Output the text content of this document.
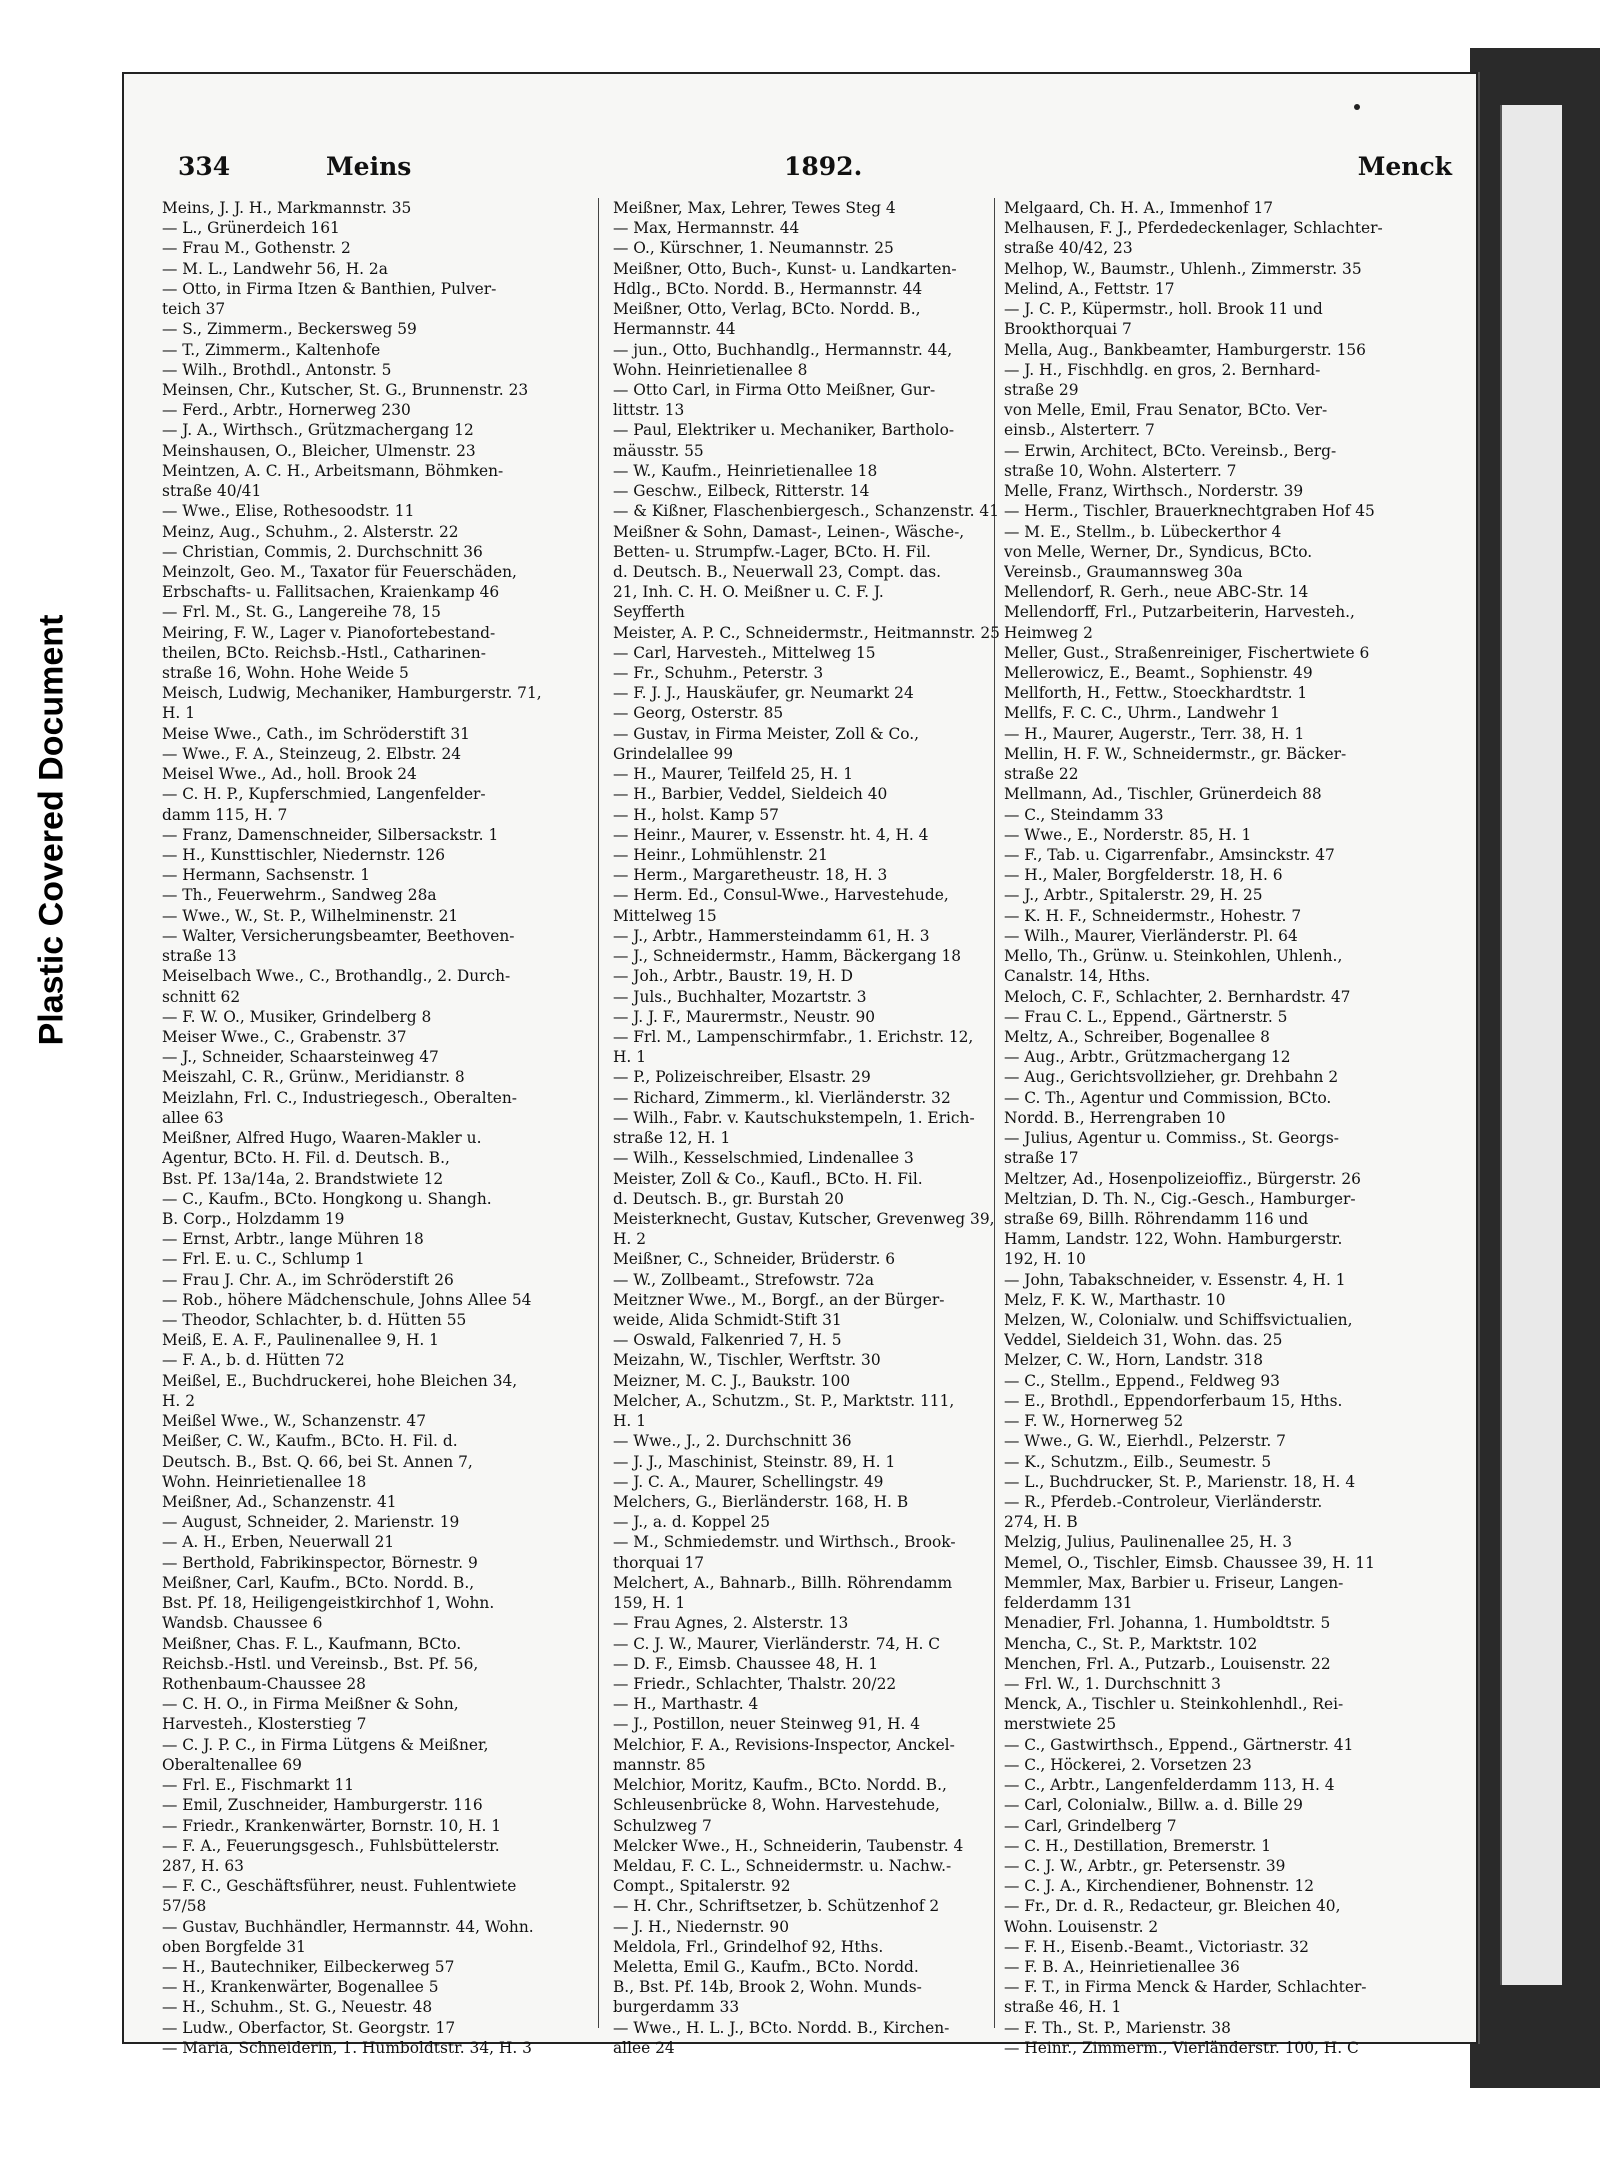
Plastic Covered Document
334	Meins	1892.	Menck
Meins, J. J. H., Markmannstr. 35
— L., Grünerdeich 161
— Frau M., Gothenstr. 2
— M. L., Landwehr 56, H. 2a
— Otto, in Firma Itzen & Banthien, Pulver-
teich 37
— S., Zimmerm., Beckersweg 59
— T., Zimmerm., Kaltenhofe
— Wilh., Brothdl., Antonstr. 5
Meinsen, Chr., Kutscher, St. G., Brunnenstr. 23
— Ferd., Arbtr., Hornerweg 230
— J. A., Wirthsch., Grützmachergang 12
Meinshausen, O., Bleicher, Ulmenstr. 23
Meintzen, A. C. H., Arbeitsmann, Böhmken-
straße 40/41
— Wwe., Elise, Rothesoodstr. 11
Meinz, Aug., Schuhm., 2. Alsterstr. 22
— Christian, Commis, 2. Durchschnitt 36
Meinzolt, Geo. M., Taxator für Feuerschäden,
Erbschafts- u. Fallitsachen, Kraienkamp 46
— Frl. M., St. G., Langereihe 78, 15
Meiring, F. W., Lager v. Pianofortebestand-
theilen, BCto. Reichsb.-Hstl., Catharinen-
straße 16, Wohn. Hohe Weide 5
Meisch, Ludwig, Mechaniker, Hamburgerstr. 71,
H. 1
Meise Wwe., Cath., im Schröderstift 31
— Wwe., F. A., Steinzeug, 2. Elbstr. 24
Meisel Wwe., Ad., holl. Brook 24
— C. H. P., Kupferschmied, Langenfelder-
damm 115, H. 7
— Franz, Damenschneider, Silbersackstr. 1
— H., Kunsttischler, Niedernstr. 126
— Hermann, Sachsenstr. 1
— Th., Feuerwehrm., Sandweg 28a
— Wwe., W., St. P., Wilhelminenstr. 21
— Walter, Versicherungsbeamter, Beethoven-
straße 13
Meiselbach Wwe., C., Brothandlg., 2. Durch-
schnitt 62
— F. W. O., Musiker, Grindelberg 8
Meiser Wwe., C., Grabenstr. 37
— J., Schneider, Schaarsteinweg 47
Meiszahl, C. R., Grünw., Meridianstr. 8
Meizlahn, Frl. C., Industriegesch., Oberalten-
allee 63
Meißner, Alfred Hugo, Waaren-Makler u.
Agentur, BCto. H. Fil. d. Deutsch. B.,
Bst. Pf. 13a/14a, 2. Brandstwiete 12
— C., Kaufm., BCto. Hongkong u. Shangh.
B. Corp., Holzdamm 19
— Ernst, Arbtr., lange Mühren 18
— Frl. E. u. C., Schlump 1
— Frau J. Chr. A., im Schröderstift 26
— Rob., höhere Mädchenschule, Johns Allee 54
— Theodor, Schlachter, b. d. Hütten 55
Meiß, E. A. F., Paulinenallee 9, H. 1
— F. A., b. d. Hütten 72
Meißel, E., Buchdruckerei, hohe Bleichen 34,
H. 2
Meißel Wwe., W., Schanzenstr. 47
Meißer, C. W., Kaufm., BCto. H. Fil. d.
Deutsch. B., Bst. Q. 66, bei St. Annen 7,
Wohn. Heinrietienallee 18
Meißner, Ad., Schanzenstr. 41
— August, Schneider, 2. Marienstr. 19
— A. H., Erben, Neuerwall 21
— Berthold, Fabrikinspector, Börnestr. 9
Meißner, Carl, Kaufm., BCto. Nordd. B.,
Bst. Pf. 18, Heiligengeistkirchhof 1, Wohn.
Wandsb. Chaussee 6
Meißner, Chas. F. L., Kaufmann, BCto.
Reichsb.-Hstl. und Vereinsb., Bst. Pf. 56,
Rothenbaum-Chaussee 28
— C. H. O., in Firma Meißner & Sohn,
Harvesteh., Klosterstieg 7
— C. J. P. C., in Firma Lütgens & Meißner,
Oberaltenallee 69
— Frl. E., Fischmarkt 11
— Emil, Zuschneider, Hamburgerstr. 116
— Friedr., Krankenwärter, Bornstr. 10, H. 1
— F. A., Feuerungsgesch., Fuhlsbüttelerstr.
287, H. 63
— F. C., Geschäftsführer, neust. Fuhlentwiete
57/58
— Gustav, Buchhändler, Hermannstr. 44, Wohn.
oben Borgfelde 31
— H., Bautechniker, Eilbeckerweg 57
— H., Krankenwärter, Bogenallee 5
— H., Schuhm., St. G., Neuestr. 48
— Ludw., Oberfactor, St. Georgstr. 17
— Maria, Schneiderin, 1. Humboldtstr. 34, H. 3
Meißner, Max, Lehrer, Tewes Steg 4
— Max, Hermannstr. 44
— O., Kürschner, 1. Neumannstr. 25
Meißner, Otto, Buch-, Kunst- u. Landkarten-
Hdlg., BCto. Nordd. B., Hermannstr. 44
Meißner, Otto, Verlag, BCto. Nordd. B.,
Hermannstr. 44
— jun., Otto, Buchhandlg., Hermannstr. 44,
Wohn. Heinrietienallee 8
— Otto Carl, in Firma Otto Meißner, Gur-
littstr. 13
— Paul, Elektriker u. Mechaniker, Bartholo-
mäusstr. 55
— W., Kaufm., Heinrietienallee 18
— Geschw., Eilbeck, Ritterstr. 14
— & Kißner, Flaschenbiergesch., Schanzenstr. 41
Meißner & Sohn, Damast-, Leinen-, Wäsche-,
Betten- u. Strumpfw.-Lager, BCto. H. Fil.
d. Deutsch. B., Neuerwall 23, Compt. das.
21, Inh. C. H. O. Meißner u. C. F. J.
Seyfferth
Meister, A. P. C., Schneidermstr., Heitmannstr. 25
— Carl, Harvesteh., Mittelweg 15
— Fr., Schuhm., Peterstr. 3
— F. J. J., Hauskäufer, gr. Neumarkt 24
— Georg, Osterstr. 85
— Gustav, in Firma Meister, Zoll & Co.,
Grindelallee 99
— H., Maurer, Teilfeld 25, H. 1
— H., Barbier, Veddel, Sieldeich 40
— H., holst. Kamp 57
— Heinr., Maurer, v. Essenstr. ht. 4, H. 4
— Heinr., Lohmühlenstr. 21
— Herm., Margaretheustr. 18, H. 3
— Herm. Ed., Consul-Wwe., Harvestehude,
Mittelweg 15
— J., Arbtr., Hammersteindamm 61, H. 3
— J., Schneidermstr., Hamm, Bäckergang 18
— Joh., Arbtr., Baustr. 19, H. D
— Juls., Buchhalter, Mozartstr. 3
— J. J. F., Maurermstr., Neustr. 90
— Frl. M., Lampenschirmfabr., 1. Erichstr. 12,
H. 1
— P., Polizeischreiber, Elsastr. 29
— Richard, Zimmerm., kl. Vierländerstr. 32
— Wilh., Fabr. v. Kautschukstempeln, 1. Erich-
straße 12, H. 1
— Wilh., Kesselschmied, Lindenallee 3
Meister, Zoll & Co., Kaufl., BCto. H. Fil.
d. Deutsch. B., gr. Burstah 20
Meisterknecht, Gustav, Kutscher, Grevenweg 39,
H. 2
Meißner, C., Schneider, Brüderstr. 6
— W., Zollbeamt., Strefowstr. 72a
Meitzner Wwe., M., Borgf., an der Bürger-
weide, Alida Schmidt-Stift 31
— Oswald, Falkenried 7, H. 5
Meizahn, W., Tischler, Werftstr. 30
Meizner, M. C. J., Baukstr. 100
Melcher, A., Schutzm., St. P., Marktstr. 111,
H. 1
— Wwe., J., 2. Durchschnitt 36
— J. J., Maschinist, Steinstr. 89, H. 1
— J. C. A., Maurer, Schellingstr. 49
Melchers, G., Bierländerstr. 168, H. B
— J., a. d. Koppel 25
— M., Schmiedemstr. und Wirthsch., Brook-
thorquai 17
Melchert, A., Bahnarb., Billh. Röhrendamm
159, H. 1
— Frau Agnes, 2. Alsterstr. 13
— C. J. W., Maurer, Vierländerstr. 74, H. C
— D. F., Eimsb. Chaussee 48, H. 1
— Friedr., Schlachter, Thalstr. 20/22
— H., Marthastr. 4
— J., Postillon, neuer Steinweg 91, H. 4
Melchior, F. A., Revisions-Inspector, Anckel-
mannstr. 85
Melchior, Moritz, Kaufm., BCto. Nordd. B.,
Schleusenbrücke 8, Wohn. Harvestehude,
Schulzweg 7
Melcker Wwe., H., Schneiderin, Taubenstr. 4
Meldau, F. C. L., Schneidermstr. u. Nachw.-
Compt., Spitalerstr. 92
— H. Chr., Schriftsetzer, b. Schützenhof 2
— J. H., Niedernstr. 90
Meldola, Frl., Grindelhof 92, Hths.
Meletta, Emil G., Kaufm., BCto. Nordd.
B., Bst. Pf. 14b, Brook 2, Wohn. Munds-
burgerdamm 33
— Wwe., H. L. J., BCto. Nordd. B., Kirchen-
allee 24
Melgaard, Ch. H. A., Immenhof 17
Melhausen, F. J., Pferdedeckenlager, Schlachter-
straße 40/42, 23
Melhop, W., Baumstr., Uhlenh., Zimmerstr. 35
Melind, A., Fettstr. 17
— J. C. P., Küpermstr., holl. Brook 11 und
Brookthorquai 7
Mella, Aug., Bankbeamter, Hamburgerstr. 156
— J. H., Fischhdlg. en gros, 2. Bernhard-
straße 29
von Melle, Emil, Frau Senator, BCto. Ver-
einsb., Alsterterr. 7
— Erwin, Architect, BCto. Vereinsb., Berg-
straße 10, Wohn. Alsterterr. 7
Melle, Franz, Wirthsch., Norderstr. 39
— Herm., Tischler, Brauerknechtgraben Hof 45
— M. E., Stellm., b. Lübeckerthor 4
von Melle, Werner, Dr., Syndicus, BCto.
Vereinsb., Graumannsweg 30a
Mellendorf, R. Gerh., neue ABC-Str. 14
Mellendorff, Frl., Putzarbeiterin, Harvesteh.,
Heimweg 2
Meller, Gust., Straßenreiniger, Fischertwiete 6
Mellerowicz, E., Beamt., Sophienstr. 49
Mellforth, H., Fettw., Stoeckhardtstr. 1
Mellfs, F. C. C., Uhrm., Landwehr 1
— H., Maurer, Augerstr., Terr. 38, H. 1
Mellin, H. F. W., Schneidermstr., gr. Bäcker-
straße 22
Mellmann, Ad., Tischler, Grünerdeich 88
— C., Steindamm 33
— Wwe., E., Norderstr. 85, H. 1
— F., Tab. u. Cigarrenfabr., Amsinckstr. 47
— H., Maler, Borgfelderstr. 18, H. 6
— J., Arbtr., Spitalerstr. 29, H. 25
— K. H. F., Schneidermstr., Hohestr. 7
— Wilh., Maurer, Vierländerstr. Pl. 64
Mello, Th., Grünw. u. Steinkohlen, Uhlenh.,
Canalstr. 14, Hths.
Meloch, C. F., Schlachter, 2. Bernhardstr. 47
— Frau C. L., Eppend., Gärtnerstr. 5
Meltz, A., Schreiber, Bogenallee 8
— Aug., Arbtr., Grützmachergang 12
— Aug., Gerichtsvollzieher, gr. Drehbahn 2
— C. Th., Agentur und Commission, BCto.
Nordd. B., Herrengraben 10
— Julius, Agentur u. Commiss., St. Georgs-
straße 17
Meltzer, Ad., Hosenpolizeioffiz., Bürgerstr. 26
Meltzian, D. Th. N., Cig.-Gesch., Hamburger-
straße 69, Billh. Röhrendamm 116 und
Hamm, Landstr. 122, Wohn. Hamburgerstr.
192, H. 10
— John, Tabakschneider, v. Essenstr. 4, H. 1
Melz, F. K. W., Marthastr. 10
Melzen, W., Colonialw. und Schiffsvictualien,
Veddel, Sieldeich 31, Wohn. das. 25
Melzer, C. W., Horn, Landstr. 318
— C., Stellm., Eppend., Feldweg 93
— E., Brothdl., Eppendorferbaum 15, Hths.
— F. W., Hornerweg 52
— Wwe., G. W., Eierhdl., Pelzerstr. 7
— K., Schutzm., Eilb., Seumestr. 5
— L., Buchdrucker, St. P., Marienstr. 18, H. 4
— R., Pferdeb.-Controleur, Vierländerstr.
274, H. B
Melzig, Julius, Paulinenallee 25, H. 3
Memel, O., Tischler, Eimsb. Chaussee 39, H. 11
Memmler, Max, Barbier u. Friseur, Langen-
felderdamm 131
Menadier, Frl. Johanna, 1. Humboldtstr. 5
Mencha, C., St. P., Marktstr. 102
Menchen, Frl. A., Putzarb., Louisenstr. 22
— Frl. W., 1. Durchschnitt 3
Menck, A., Tischler u. Steinkohlenhdl., Rei-
merstwiete 25
— C., Gastwirthsch., Eppend., Gärtnerstr. 41
— C., Höckerei, 2. Vorsetzen 23
— C., Arbtr., Langenfelderdamm 113, H. 4
— Carl, Colonialw., Billw. a. d. Bille 29
— Carl, Grindelberg 7
— C. H., Destillation, Bremerstr. 1
— C. J. W., Arbtr., gr. Petersenstr. 39
— C. J. A., Kirchendiener, Bohnenstr. 12
— Fr., Dr. d. R., Redacteur, gr. Bleichen 40,
Wohn. Louisenstr. 2
— F. H., Eisenb.-Beamt., Victoriastr. 32
— F. B. A., Heinrietienallee 36
— F. T., in Firma Menck & Harder, Schlachter-
straße 46, H. 1
— F. Th., St. P., Marienstr. 38
— Heinr., Zimmerm., Vierländerstr. 100, H. C
